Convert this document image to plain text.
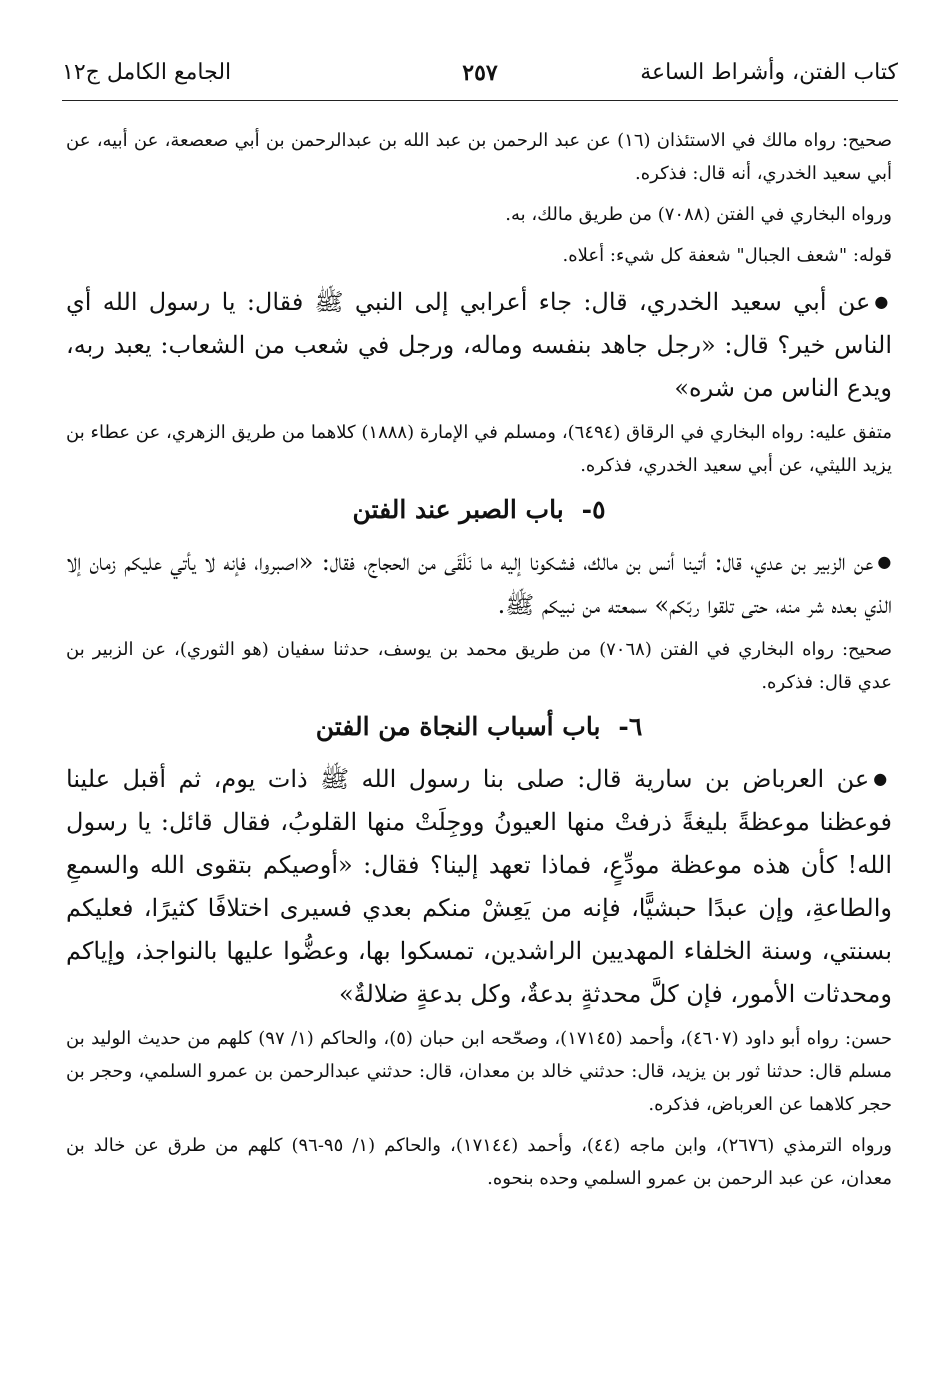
كتاب الفتن، وأشراط الساعة
٢٥٧
الجامع الكامل ج١٢

صحيح: رواه مالك في الاستئذان (١٦) عن عبد الرحمن بن عبد الله بن عبدالرحمن بن أبي صعصعة، عن أبيه، عن أبي سعيد الخدري، أنه قال: فذكره.

ورواه البخاري في الفتن (٧٠٨٨) من طريق مالك، به.

قوله: "شعف الجبال" شعفة كل شيء: أعلاه.

●عن أبي سعيد الخدري، قال: جاء أعرابي إلى النبي ﷺ فقال: يا رسول الله أي الناس خير؟ قال: «رجل جاهد بنفسه وماله، ورجل في شعب من الشعاب: يعبد ربه، ويدع الناس من شره»

متفق عليه: رواه البخاري في الرقاق (٦٤٩٤)، ومسلم في الإمارة (١٨٨٨) كلاهما من طريق الزهري، عن عطاء بن يزيد الليثي، عن أبي سعيد الخدري، فذكره.

٥-باب الصبر عند الفتن

●عن الزبير بن عدي، قال: أتينا أنس بن مالك، فشكونا إليه ما نَلْقَى من الحجاج، فقال: «اصبروا، فإنه لا يأتي عليكم زمان إلا الذي بعده شر منه، حتى تلقوا ربّكم» سمعته من نبيكم ﷺ.

صحيح: رواه البخاري في الفتن (٧٠٦٨) من طريق محمد بن يوسف، حدثنا سفيان (هو الثوري)، عن الزبير بن عدي قال: فذكره.

٦-باب أسباب النجاة من الفتن

●عن العرباض بن سارية قال: صلى بنا رسول الله ﷺ ذات يوم، ثم أقبل علينا فوعظنا موعظةً بليغةً ذرفتْ منها العيونُ ووجِلَتْ منها القلوبُ، فقال قائل: يا رسول الله! كأن هذه موعظة مودِّعٍ، فماذا تعهد إلينا؟ فقال: «أوصيكم بتقوى الله والسمعِ والطاعةِ، وإن عبدًا حبشيًّا، فإنه من يَعِشْ منكم بعدي فسيرى اختلافًا كثيرًا، فعليكم بسنتي، وسنة الخلفاء المهديين الراشدين، تمسكوا بها، وعضُّوا عليها بالنواجذ، وإياكم ومحدثات الأمور، فإن كلَّ محدثةٍ بدعةٌ، وكل بدعةٍ ضلالةٌ»

حسن: رواه أبو داود (٤٦٠٧)، وأحمد (١٧١٤٥)، وصحّحه ابن حبان (٥)، والحاكم (١/ ٩٧) كلهم من حديث الوليد بن مسلم قال: حدثنا ثور بن يزيد، قال: حدثني خالد بن معدان، قال: حدثني عبدالرحمن بن عمرو السلمي، وحجر بن حجر كلاهما عن العرباض، فذكره.

ورواه الترمذي (٢٦٧٦)، وابن ماجه (٤٤)، وأحمد (١٧١٤٤)، والحاكم (١/ ٩٥-٩٦) كلهم من طرق عن خالد بن معدان، عن عبد الرحمن بن عمرو السلمي وحده بنحوه.
